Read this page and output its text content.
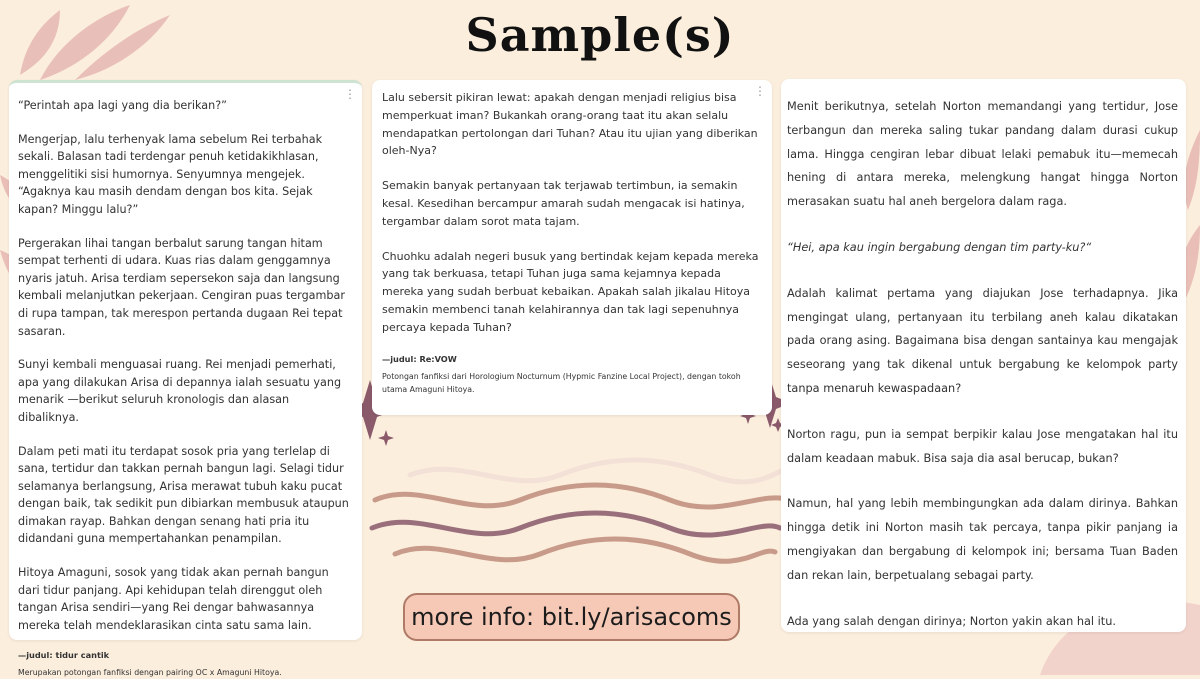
Sample(s)
⋮

“Perintah apa lagi yang dia berikan?”

Mengerjap, lalu terhenyak lama sebelum Rei terbahak sekali. Balasan tadi terdengar penuh ketidakikhlasan, menggelitiki sisi humornya. Senyumnya mengejek. “Agaknya kau masih dendam dengan bos kita. Sejak kapan? Minggu lalu?”

Pergerakan lihai tangan berbalut sarung tangan hitam sempat terhenti di udara. Kuas rias dalam genggamnya nyaris jatuh. Arisa terdiam sepersekon saja dan langsung kembali melanjutkan pekerjaan. Cengiran puas tergambar di rupa tampan, tak merespon pertanda dugaan Rei tepat sasaran.

Sunyi kembali menguasai ruang. Rei menjadi pemerhati, apa yang dilakukan Arisa di depannya ialah sesuatu yang menarik —berikut seluruh kronologis dan alasan dibaliknya.

Dalam peti mati itu terdapat sosok pria yang terlelap di sana, tertidur dan takkan pernah bangun lagi. Selagi tidur selamanya berlangsung, Arisa merawat tubuh kaku pucat dengan baik, tak sedikit pun dibiarkan membusuk ataupun dimakan rayap. Bahkan dengan senang hati pria itu didandani guna mempertahankan penampilan.

Hitoya Amaguni, sosok yang tidak akan pernah bangun dari tidur panjang. Api kehidupan telah direnggut oleh tangan Arisa sendiri—yang Rei dengar bahwasannya mereka telah mendeklarasikan cinta satu sama lain.

—judul: tidur cantik

Merupakan potongan fanfiksi dengan pairing OC x Amaguni Hitoya.

⋮

Lalu sebersit pikiran lewat: apakah dengan menjadi religius bisa memperkuat iman? Bukankah orang-orang taat itu akan selalu mendapatkan pertolongan dari Tuhan? Atau itu ujian yang diberikan oleh-Nya?

Semakin banyak pertanyaan tak terjawab tertimbun, ia semakin kesal. Kesedihan bercampur amarah sudah mengacak isi hatinya, tergambar dalam sorot mata tajam.

Chuohku adalah negeri busuk yang bertindak kejam kepada mereka yang tak berkuasa, tetapi Tuhan juga sama kejamnya kepada mereka yang sudah berbuat kebaikan. Apakah salah jikalau Hitoya semakin membenci tanah kelahirannya dan tak lagi sepenuhnya percaya kepada Tuhan?

—judul: Re:VOW

Potongan fanfiksi dari Horologium Nocturnum (Hypmic Fanzine Local Project), dengan tokoh utama Amaguni Hitoya.

Menit berikutnya, setelah Norton memandangi yang tertidur, Jose terbangun dan mereka saling tukar pandang dalam durasi cukup lama. Hingga cengiran lebar dibuat lelaki pemabuk itu—memecah hening di antara mereka, melengkung hangat hingga Norton merasakan suatu hal aneh bergelora dalam raga.

“Hei, apa kau ingin bergabung dengan tim party-ku?“

Adalah kalimat pertama yang diajukan Jose terhadapnya. Jika mengingat ulang, pertanyaan itu terbilang aneh kalau dikatakan pada orang asing. Bagaimana bisa dengan santainya kau mengajak seseorang yang tak dikenal untuk bergabung ke kelompok party tanpa menaruh kewaspadaan?

Norton ragu, pun ia sempat berpikir kalau Jose mengatakan hal itu dalam keadaan mabuk. Bisa saja dia asal berucap, bukan?

Namun, hal yang lebih membingungkan ada dalam dirinya. Bahkan hingga detik ini Norton masih tak percaya, tanpa pikir panjang ia mengiyakan dan bergabung di kelompok ini; bersama Tuan Baden dan rekan lain, berpetualang sebagai party.

Ada yang salah dengan dirinya; Norton yakin akan hal itu.

more info: bit.ly/arisacoms
